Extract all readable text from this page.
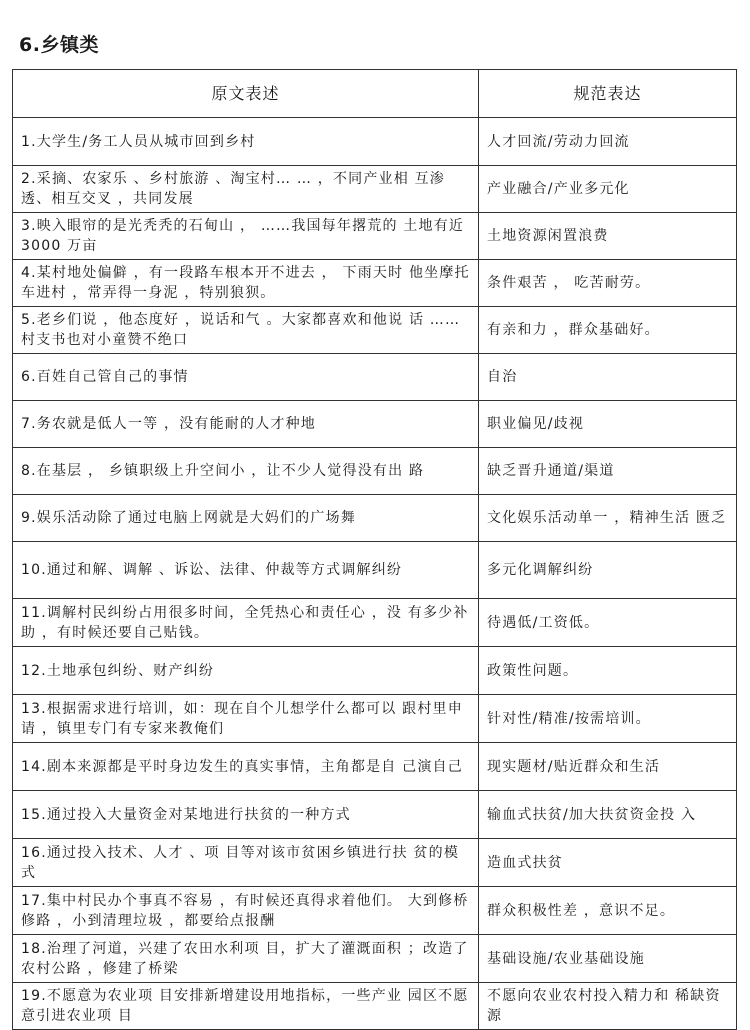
6.乡镇类
原文表述	规范表达
1.大学生/务工人员从城市回到乡村	人才回流/劳动力回流
2.采摘、农家乐 、乡村旅游 、淘宝村… … ，不同产业相 互渗透、相互交叉 ，共同发展	产业融合/产业多元化
3.映入眼帘的是光秃秃的石甸山 ， ……我国每年撂荒的 土地有近 3000 万亩	土地资源闲置浪费
4.某村地处偏僻 ，有一段路车根本开不进去 ， 下雨天时 他坐摩托车进村 ，常弄得一身泥 ，特别狼狈。	条件艰苦 ， 吃苦耐劳。
5.老乡们说 ，他态度好 ，说话和气 。大家都喜欢和他说 话 ……村支书也对小童赞不绝口	有亲和力 ，群众基础好。
6.百姓自己管自己的事情	自治
7.务农就是低人一等 ，没有能耐的人才种地	职业偏见/歧视
8.在基层 ， 乡镇职级上升空间小 ，让不少人觉得没有出 路	缺乏晋升通道/渠道
9.娱乐活动除了通过电脑上网就是大妈们的广场舞	文化娱乐活动单一 ，精神生活 匮乏
10.通过和解、调解 、诉讼、法律、仲裁等方式调解纠纷	多元化调解纠纷
11.调解村民纠纷占用很多时间，全凭热心和责任心 ，没 有多少补助 ，有时候还要自己贴钱。	待遇低/工资低。
12.土地承包纠纷、财产纠纷	政策性问题。
13.根据需求进行培训，如：现在自个儿想学什么都可以 跟村里申请 ，镇里专门有专家来教俺们	针对性/精准/按需培训。
14.剧本来源都是平时身边发生的真实事情，主角都是自 己演自己	现实题材/贴近群众和生活
15.通过投入大量资金对某地进行扶贫的一种方式	输血式扶贫/加大扶贫资金投 入
16.通过投入技术、人才 、项 目等对该市贫困乡镇进行扶 贫的模式	造血式扶贫
17.集中村民办个事真不容易 ，有时候还真得求着他们。 大到修桥修路 ，小到清理垃圾 ，都要给点报酬	群众积极性差 ，意识不足。
18.治理了河道，兴建了农田水利项 目，扩大了灌溉面积 ；改造了农村公路 ，修建了桥梁	基础设施/农业基础设施
19.不愿意为农业项 目安排新增建设用地指标，一些产业 园区不愿意引进农业项 目	不愿向农业农村投入精力和 稀缺资源
